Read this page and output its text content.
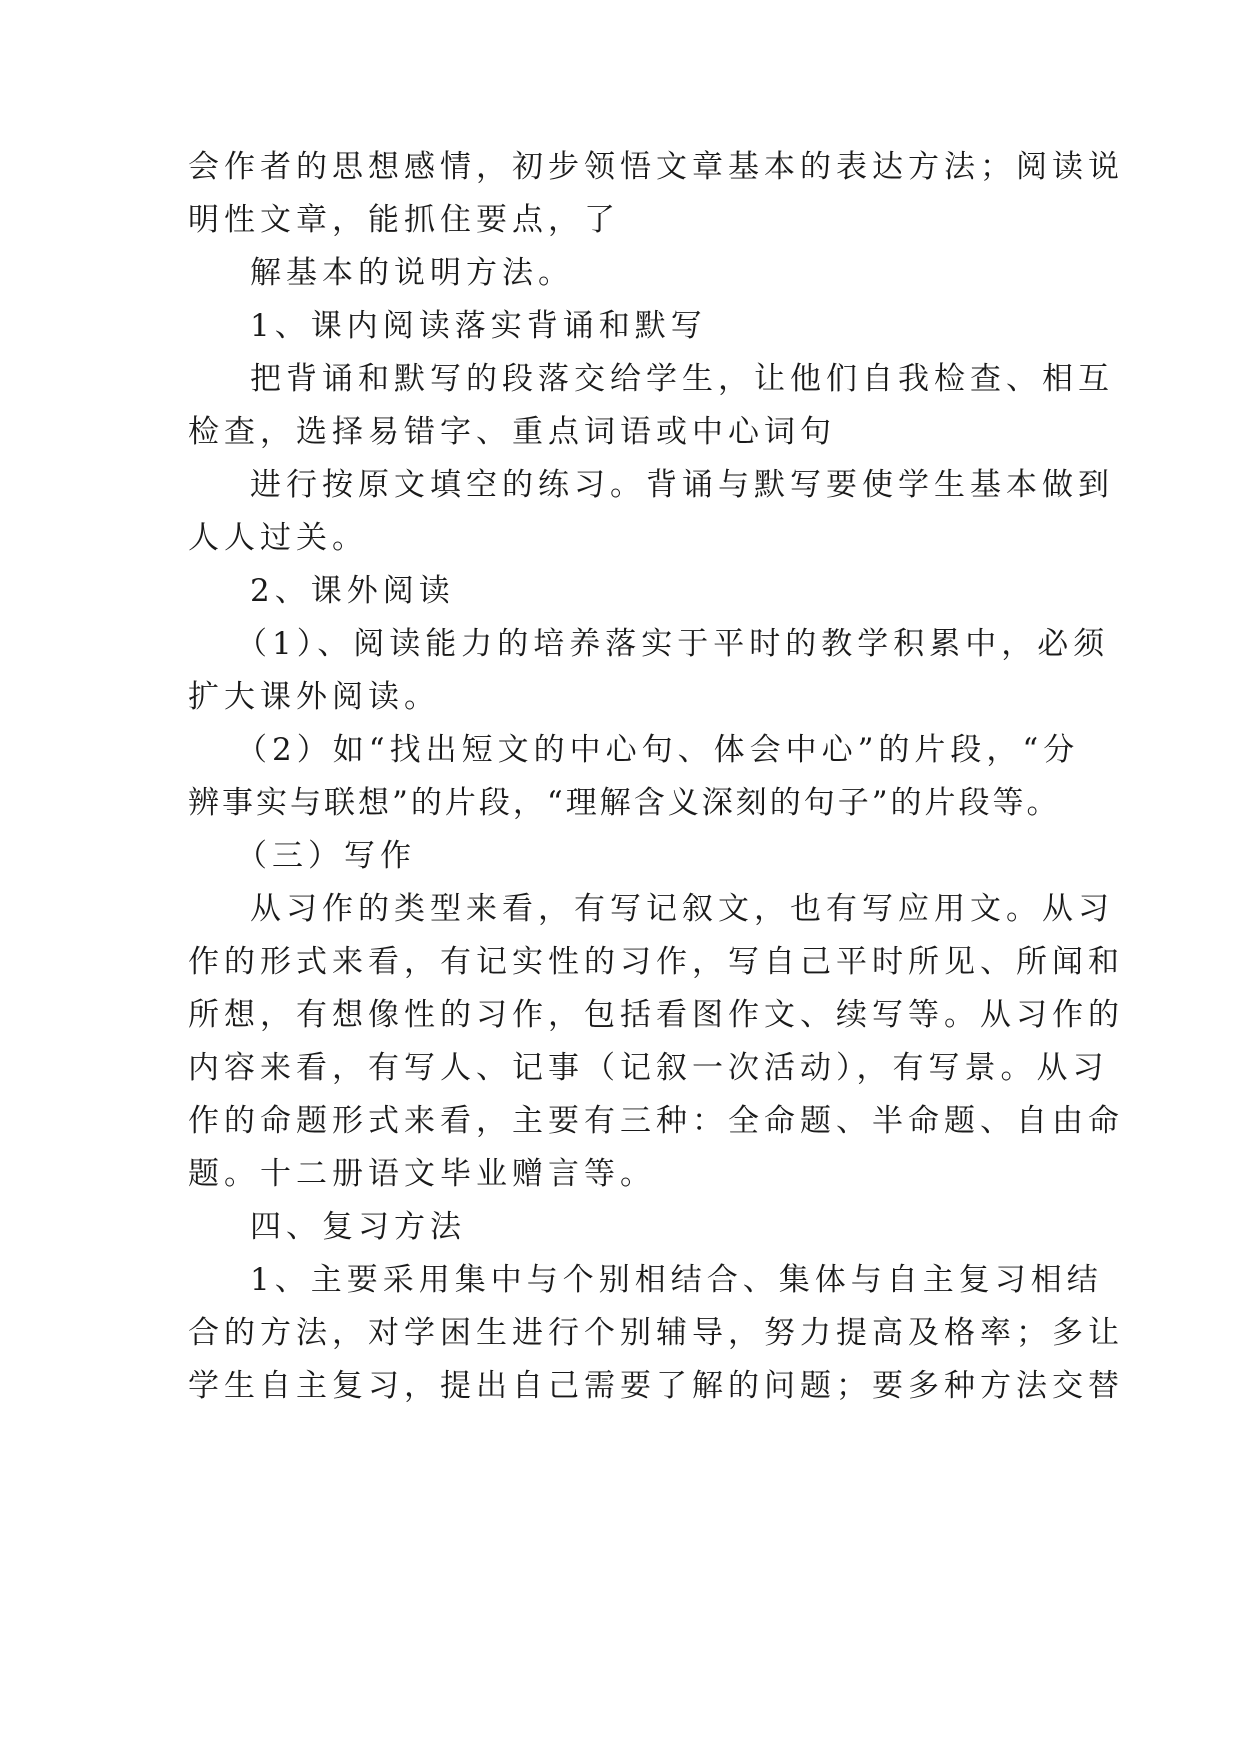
会作者的思想感情，初步领悟文章基本的表达方法；阅读说

明性文章，能抓住要点，了

解基本的说明方法。

1、课内阅读落实背诵和默写

把背诵和默写的段落交给学生，让他们自我检查、相互

检查，选择易错字、重点词语或中心词句

进行按原文填空的练习。背诵与默写要使学生基本做到

人人过关。

2、课外阅读

（1）、阅读能力的培养落实于平时的教学积累中，必须

扩大课外阅读。

（2）如“找出短文的中心句、体会中心”的片段，“分

辨事实与联想”的片段，“理解含义深刻的句子”的片段等。

（三）写作

从习作的类型来看，有写记叙文，也有写应用文。从习

作的形式来看，有记实性的习作，写自己平时所见、所闻和

所想，有想像性的习作，包括看图作文、续写等。从习作的

内容来看，有写人、记事（记叙一次活动），有写景。从习

作的命题形式来看，主要有三种：全命题、半命题、自由命

题。十二册语文毕业赠言等。

四、复习方法

1、主要采用集中与个别相结合、集体与自主复习相结

合的方法，对学困生进行个别辅导，努力提高及格率；多让

学生自主复习，提出自己需要了解的问题；要多种方法交替
